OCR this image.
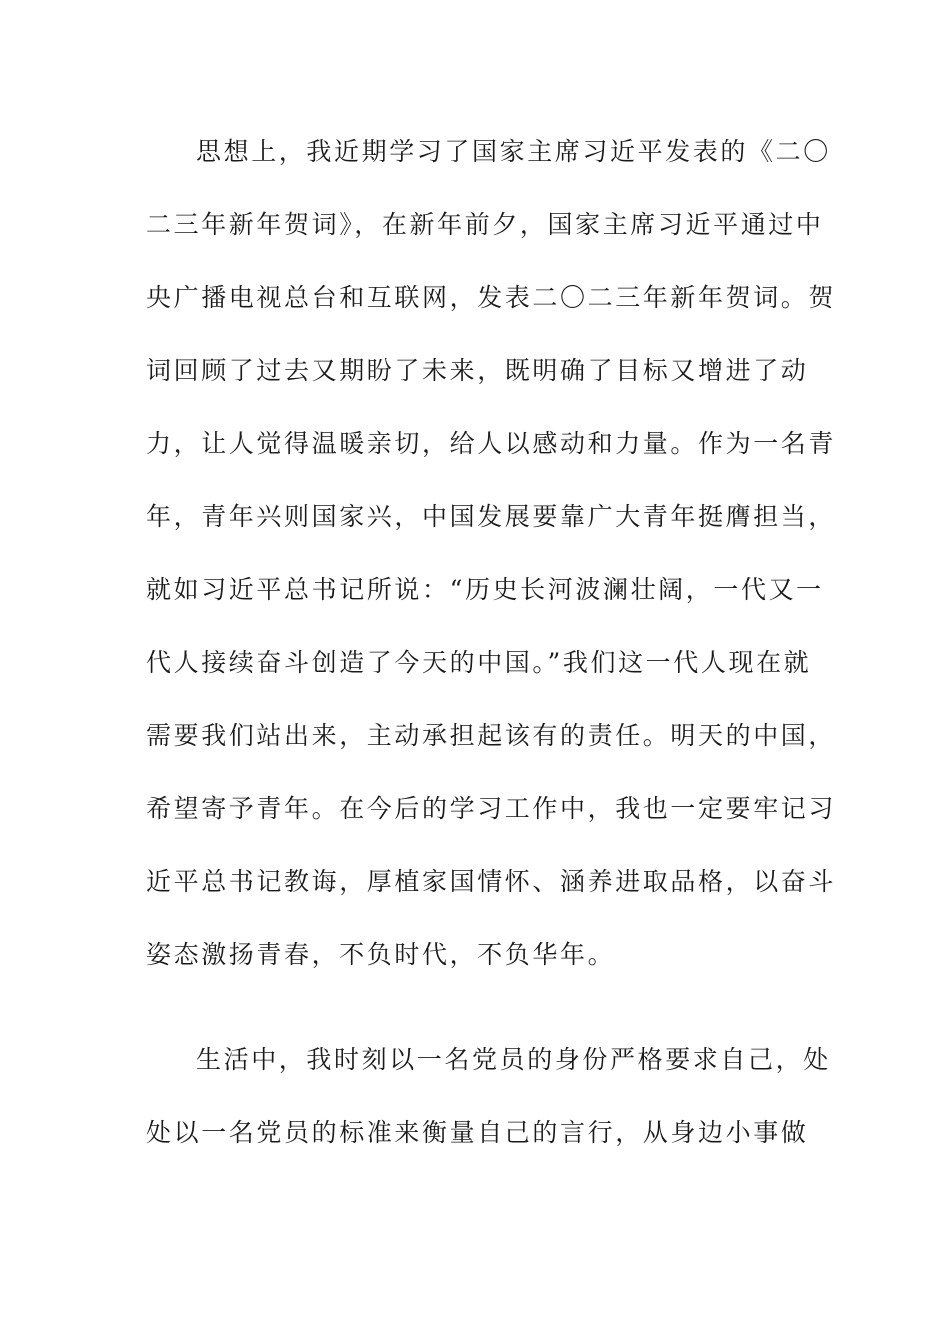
思想上，我近期学习了国家主席习近平发表的《二〇
二三年新年贺词》，在新年前夕，国家主席习近平通过中
央广播电视总台和互联网，发表二〇二三年新年贺词。贺
词回顾了过去又期盼了未来，既明确了目标又增进了动
力，让人觉得温暖亲切，给人以感动和力量。作为一名青
年，青年兴则国家兴，中国发展要靠广大青年挺膺担当，
就如习近平总书记所说：“历史长河波澜壮阔，一代又一
代人接续奋斗创造了今天的中国。”我们这一代人现在就
需要我们站出来，主动承担起该有的责任。明天的中国，
希望寄予青年。在今后的学习工作中，我也一定要牢记习
近平总书记教诲，厚植家国情怀、涵养进取品格，以奋斗
姿态激扬青春，不负时代，不负华年。
生活中，我时刻以一名党员的身份严格要求自己，处
处以一名党员的标准来衡量自己的言行，从身边小事做
